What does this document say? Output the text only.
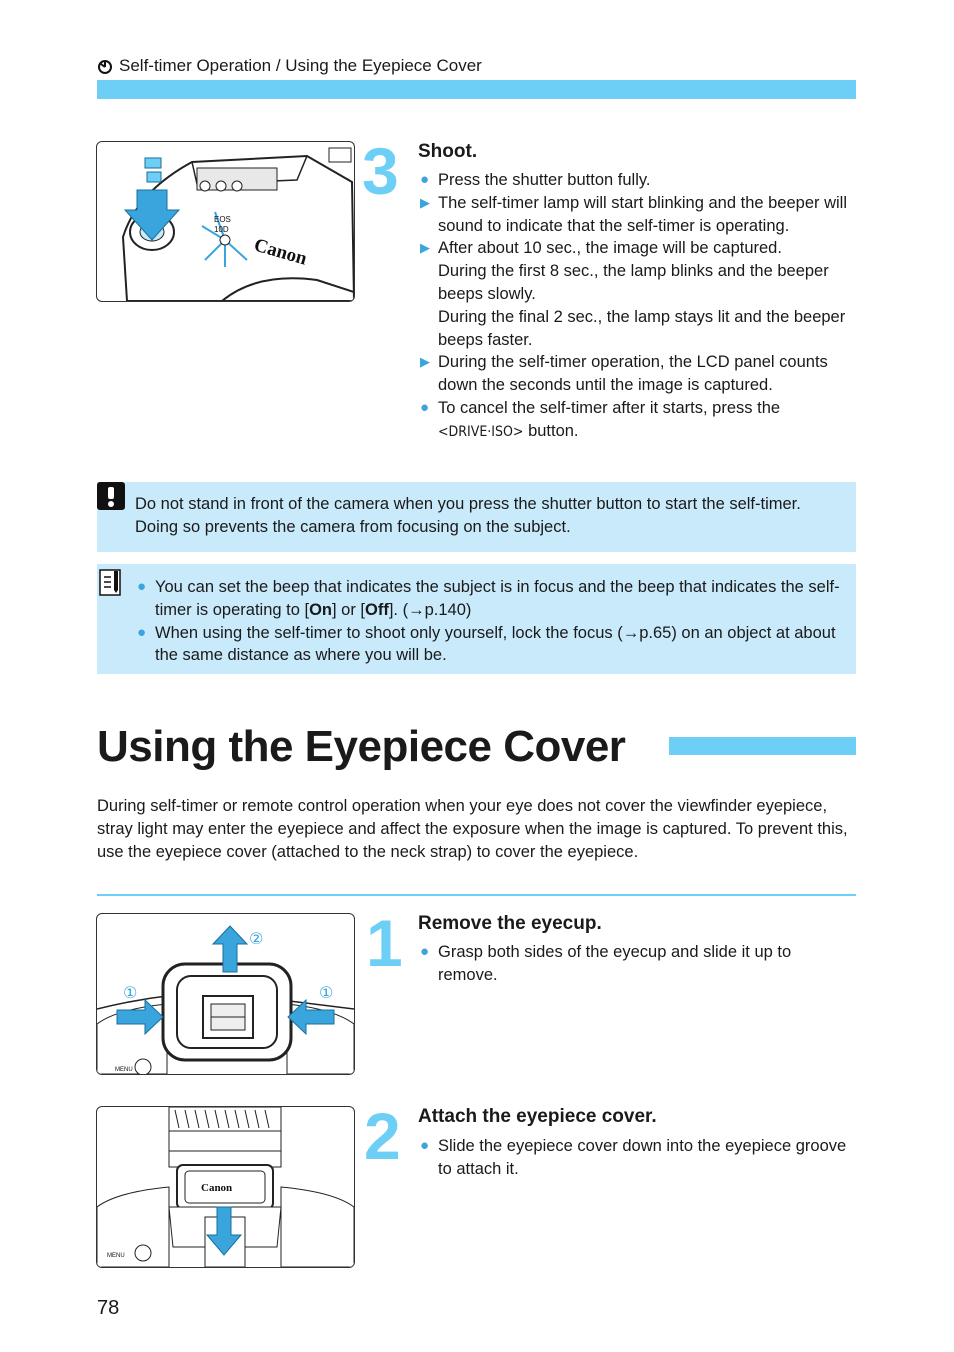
Self-timer Operation / Using the Eyepiece Cover
Canon
EOS
10D
3 Shoot.
● Press the shutter button fully.
▶ The self-timer lamp will start blinking and the beeper will sound to indicate that the self-timer is operating.
▶ After about 10 sec., the image will be captured.
During the first 8 sec., the lamp blinks and the beeper beeps slowly.
During the final 2 sec., the lamp stays lit and the beeper beeps faster.
▶ During the self-timer operation, the LCD panel counts down the seconds until the image is captured.
● To cancel the self-timer after it starts, press the
<DRIVE·ISO> button.
Do not stand in front of the camera when you press the shutter button to start the self-timer. Doing so prevents the camera from focusing on the subject.
● You can set the beep that indicates the subject is in focus and the beep that indicates the self-timer is operating to [On] or [Off]. (→p.140)
● When using the self-timer to shoot only yourself, lock the focus (→p.65) on an object at about the same distance as where you will be.
Using the Eyepiece Cover
During self-timer or remote control operation when your eye does not cover the viewfinder eyepiece, stray light may enter the eyepiece and affect the exposure when the image is captured. To prevent this, use the eyepiece cover (attached to the neck strap) to cover the eyepiece.
②
①	①
MENU
1 Remove the eyecup.
● Grasp both sides of the eyecup and slide it up to remove.
Canon
MENU
2 Attach the eyepiece cover.
● Slide the eyepiece cover down into the eyepiece groove to attach it.
78
